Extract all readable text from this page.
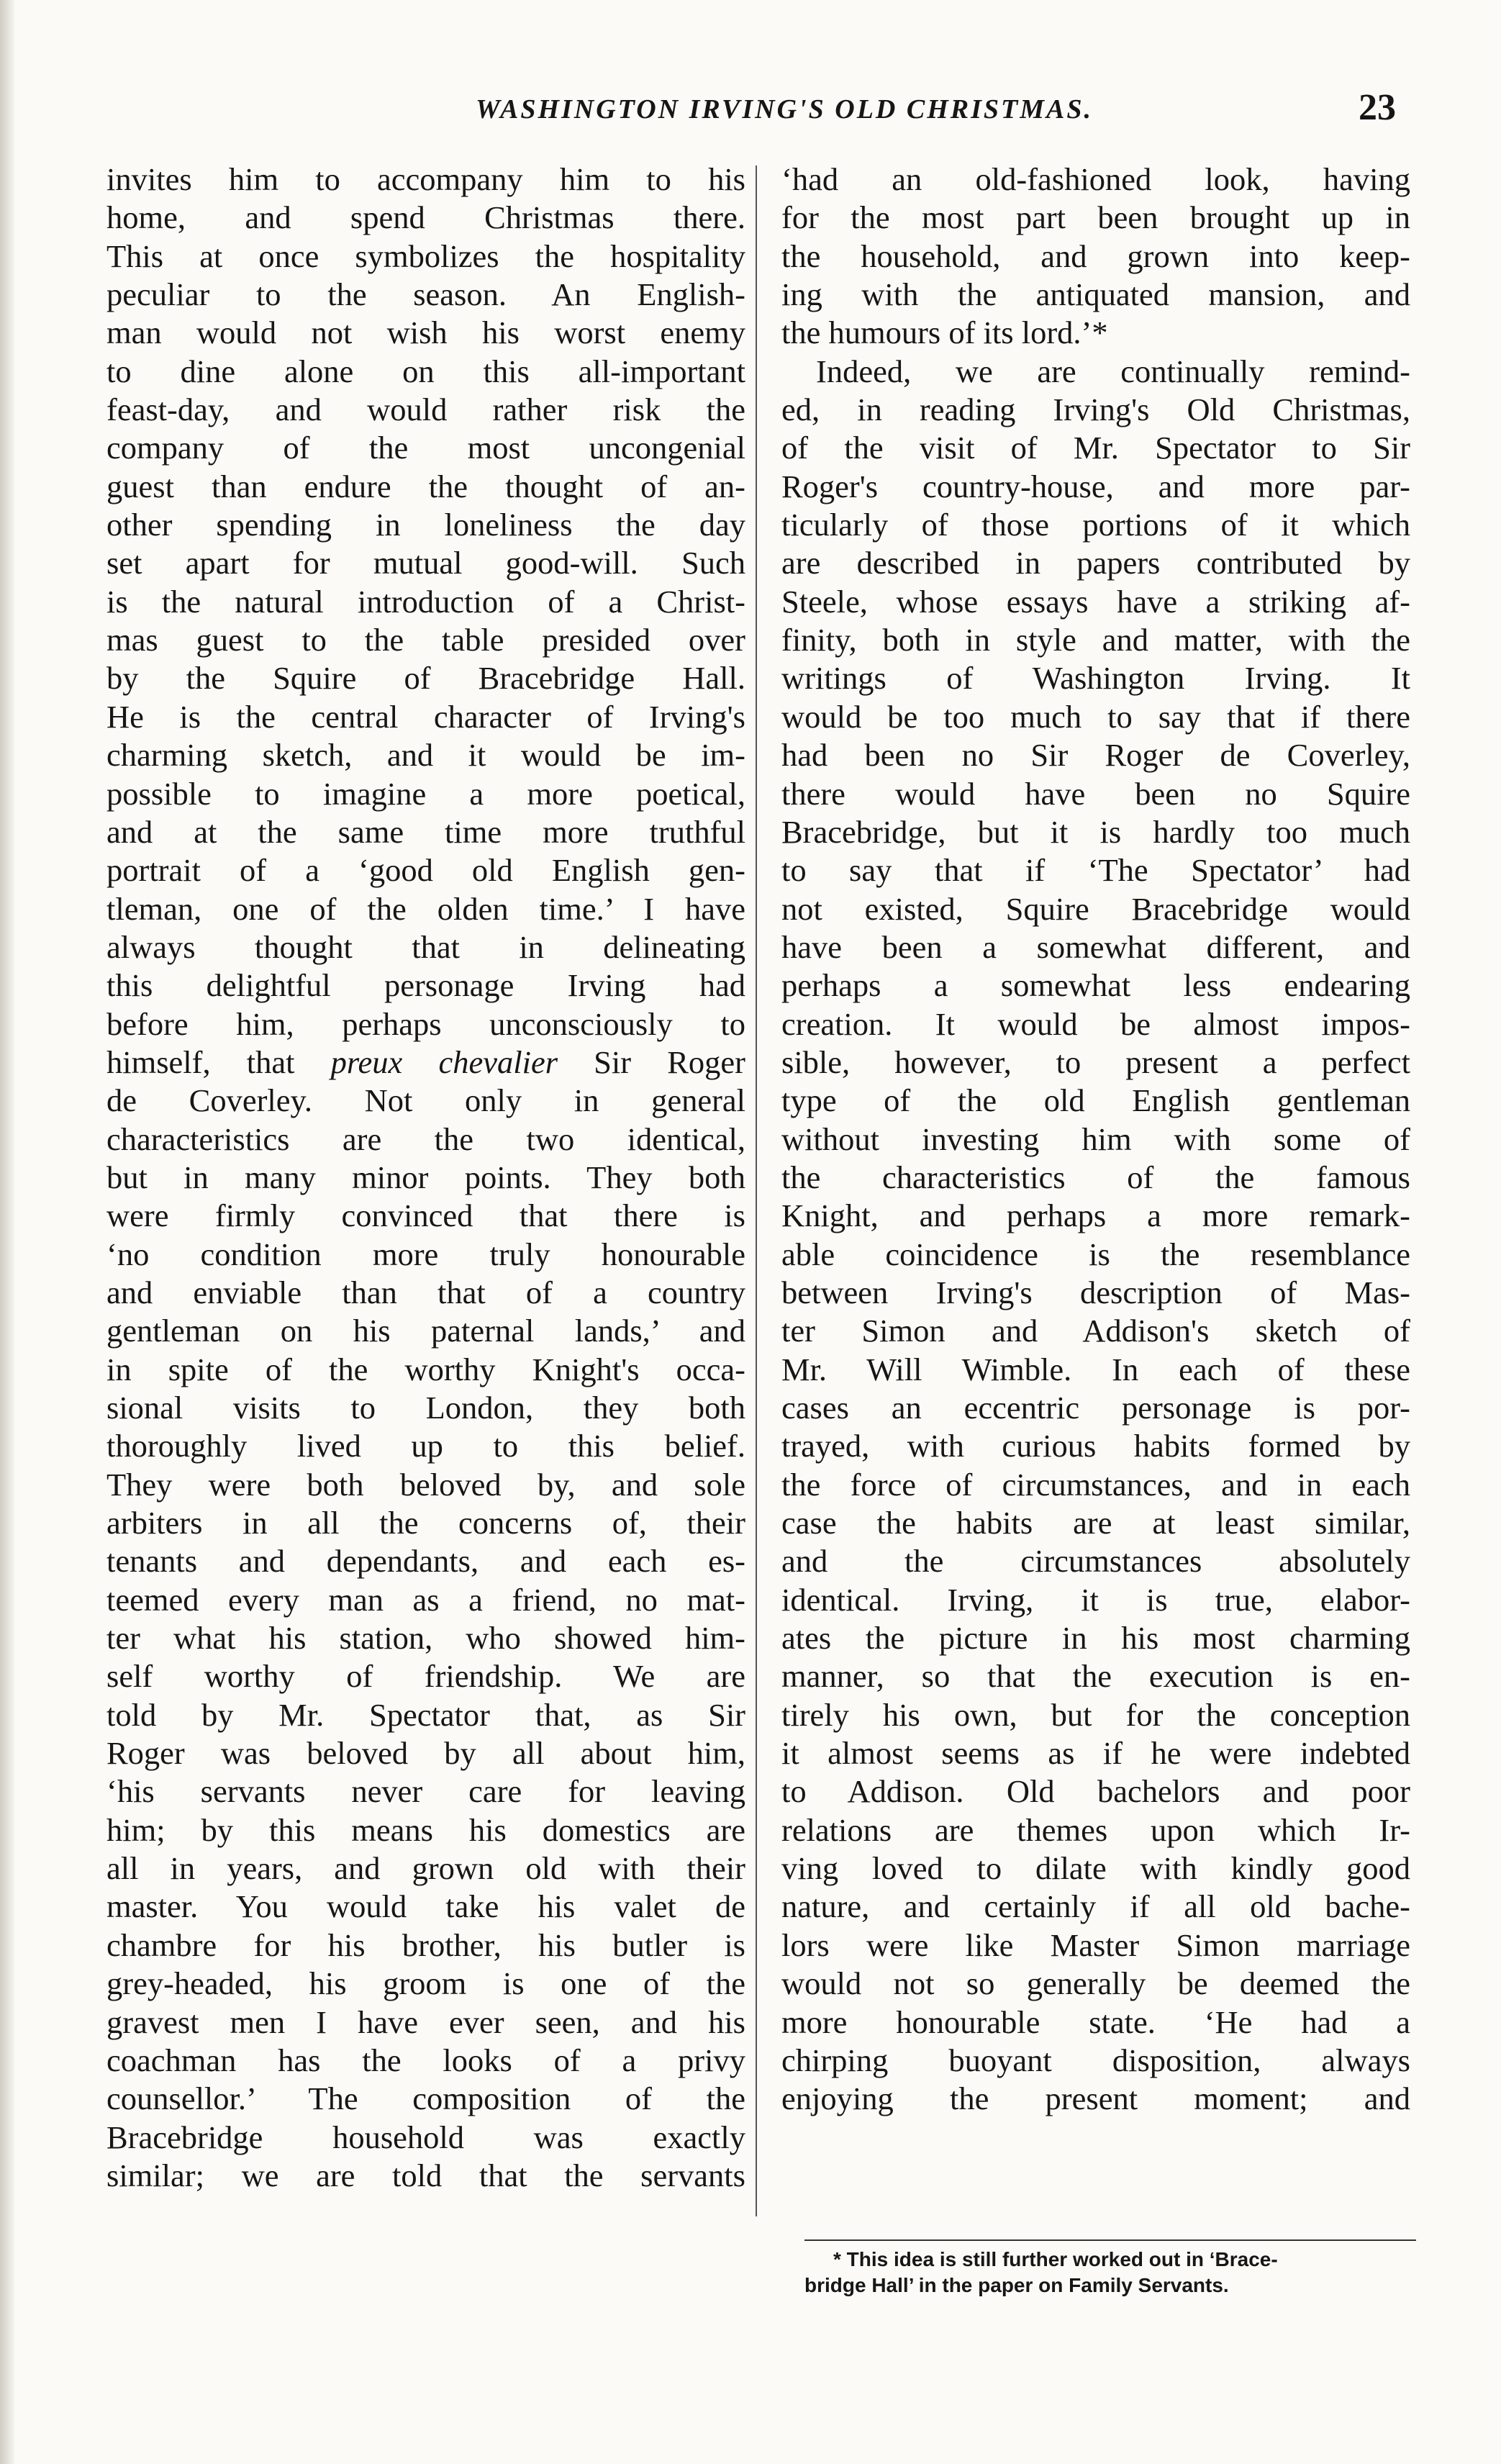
WASHINGTON IRVING'S OLD CHRISTMAS.	23

invites him to accompany him to his
home, and spend Christmas there.
This at once symbolizes the hospitality
peculiar to the season. An English-
man would not wish his worst enemy
to dine alone on this all-important
feast-day, and would rather risk the
company of the most uncongenial
guest than endure the thought of an-
other spending in loneliness the day
set apart for mutual good-will. Such
is the natural introduction of a Christ-
mas guest to the table presided over
by the Squire of Bracebridge Hall.
He is the central character of Irving's
charming sketch, and it would be im-
possible to imagine a more poetical,
and at the same time more truthful
portrait of a ‘good old English gen-
tleman, one of the olden time.’ I have
always thought that in delineating
this delightful personage Irving had
before him, perhaps unconsciously to
himself, that preux chevalier Sir Roger
de Coverley. Not only in general
characteristics are the two identical,
but in many minor points. They both
were firmly convinced that there is
‘no condition more truly honourable
and enviable than that of a country
gentleman on his paternal lands,’ and
in spite of the worthy Knight's occa-
sional visits to London, they both
thoroughly lived up to this belief.
They were both beloved by, and sole
arbiters in all the concerns of, their
tenants and dependants, and each es-
teemed every man as a friend, no mat-
ter what his station, who showed him-
self worthy of friendship. We are
told by Mr. Spectator that, as Sir
Roger was beloved by all about him,
‘his servants never care for leaving
him; by this means his domestics are
all in years, and grown old with their
master. You would take his valet de
chambre for his brother, his butler is
grey-headed, his groom is one of the
gravest men I have ever seen, and his
coachman has the looks of a privy
counsellor.’ The composition of the
Bracebridge household was exactly
similar; we are told that the servants

‘had an old-fashioned look, having
for the most part been brought up in
the household, and grown into keep-
ing with the antiquated mansion, and
the humours of its lord.’*

Indeed, we are continually remind-
ed, in reading Irving's Old Christmas,
of the visit of Mr. Spectator to Sir
Roger's country-house, and more par-
ticularly of those portions of it which
are described in papers contributed by
Steele, whose essays have a striking af-
finity, both in style and matter, with the
writings of Washington Irving. It
would be too much to say that if there
had been no Sir Roger de Coverley,
there would have been no Squire
Bracebridge, but it is hardly too much
to say that if ‘The Spectator’ had
not existed, Squire Bracebridge would
have been a somewhat different, and
perhaps a somewhat less endearing
creation. It would be almost impos-
sible, however, to present a perfect
type of the old English gentleman
without investing him with some of
the characteristics of the famous
Knight, and perhaps a more remark-
able coincidence is the resemblance
between Irving's description of Mas-
ter Simon and Addison's sketch of
Mr. Will Wimble. In each of these
cases an eccentric personage is por-
trayed, with curious habits formed by
the force of circumstances, and in each
case the habits are at least similar,
and the circumstances absolutely
identical. Irving, it is true, elabor-
ates the picture in his most charming
manner, so that the execution is en-
tirely his own, but for the conception
it almost seems as if he were indebted
to Addison. Old bachelors and poor
relations are themes upon which Ir-
ving loved to dilate with kindly good
nature, and certainly if all old bache-
lors were like Master Simon marriage
would not so generally be deemed the
more honourable state. ‘He had a
chirping buoyant disposition, always
enjoying the present moment; and

* This idea is still further worked out in ‘Brace-
bridge Hall’ in the paper on Family Servants.
